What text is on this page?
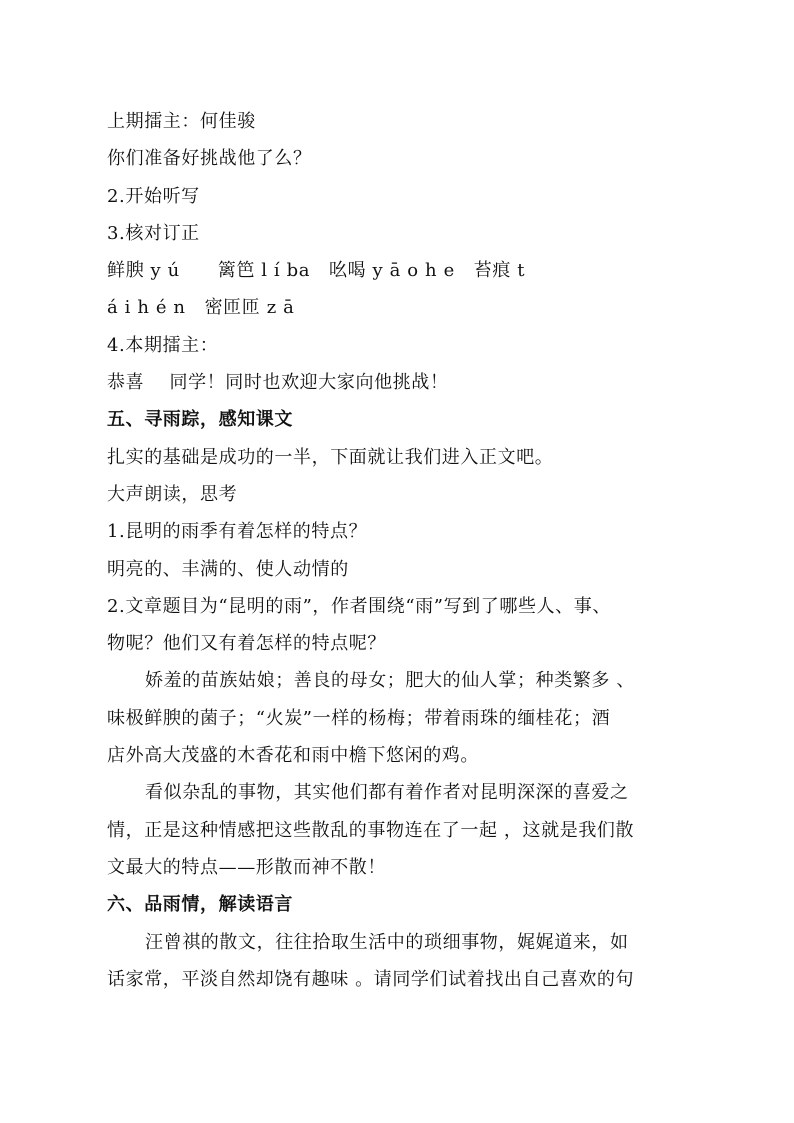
上期擂主：何佳骏
你们准备好挑战他了么？
2.开始听写
3.核对订正
鲜腴 y ú      篱笆 l í ba   吆喝 y ā o h e   苔痕 t
á i h é n   密匝匝 z ā
4.本期擂主：
恭喜    同学！同时也欢迎大家向他挑战！
五、寻雨踪，感知课文
扎实的基础是成功的一半，下面就让我们进入正文吧。
大声朗读，思考
1.昆明的雨季有着怎样的特点？
明亮的、丰满的、使人动情的
2.文章题目为“昆明的雨”，作者围绕“雨”写到了哪些人、事、
物呢？他们又有着怎样的特点呢？
娇羞的苗族姑娘；善良的母女；肥大的仙人掌；种类繁多 、
味极鲜腴的菌子；“火炭”一样的杨梅；带着雨珠的缅桂花；酒
店外高大茂盛的木香花和雨中檐下悠闲的鸡。
看似杂乱的事物，其实他们都有着作者对昆明深深的喜爱之
情，正是这种情感把这些散乱的事物连在了一起 ，这就是我们散
文最大的特点——形散而神不散！
六、品雨情，解读语言
汪曾祺的散文，往往拾取生活中的琐细事物，娓娓道来，如
话家常，平淡自然却饶有趣味 。请同学们试着找出自己喜欢的句
